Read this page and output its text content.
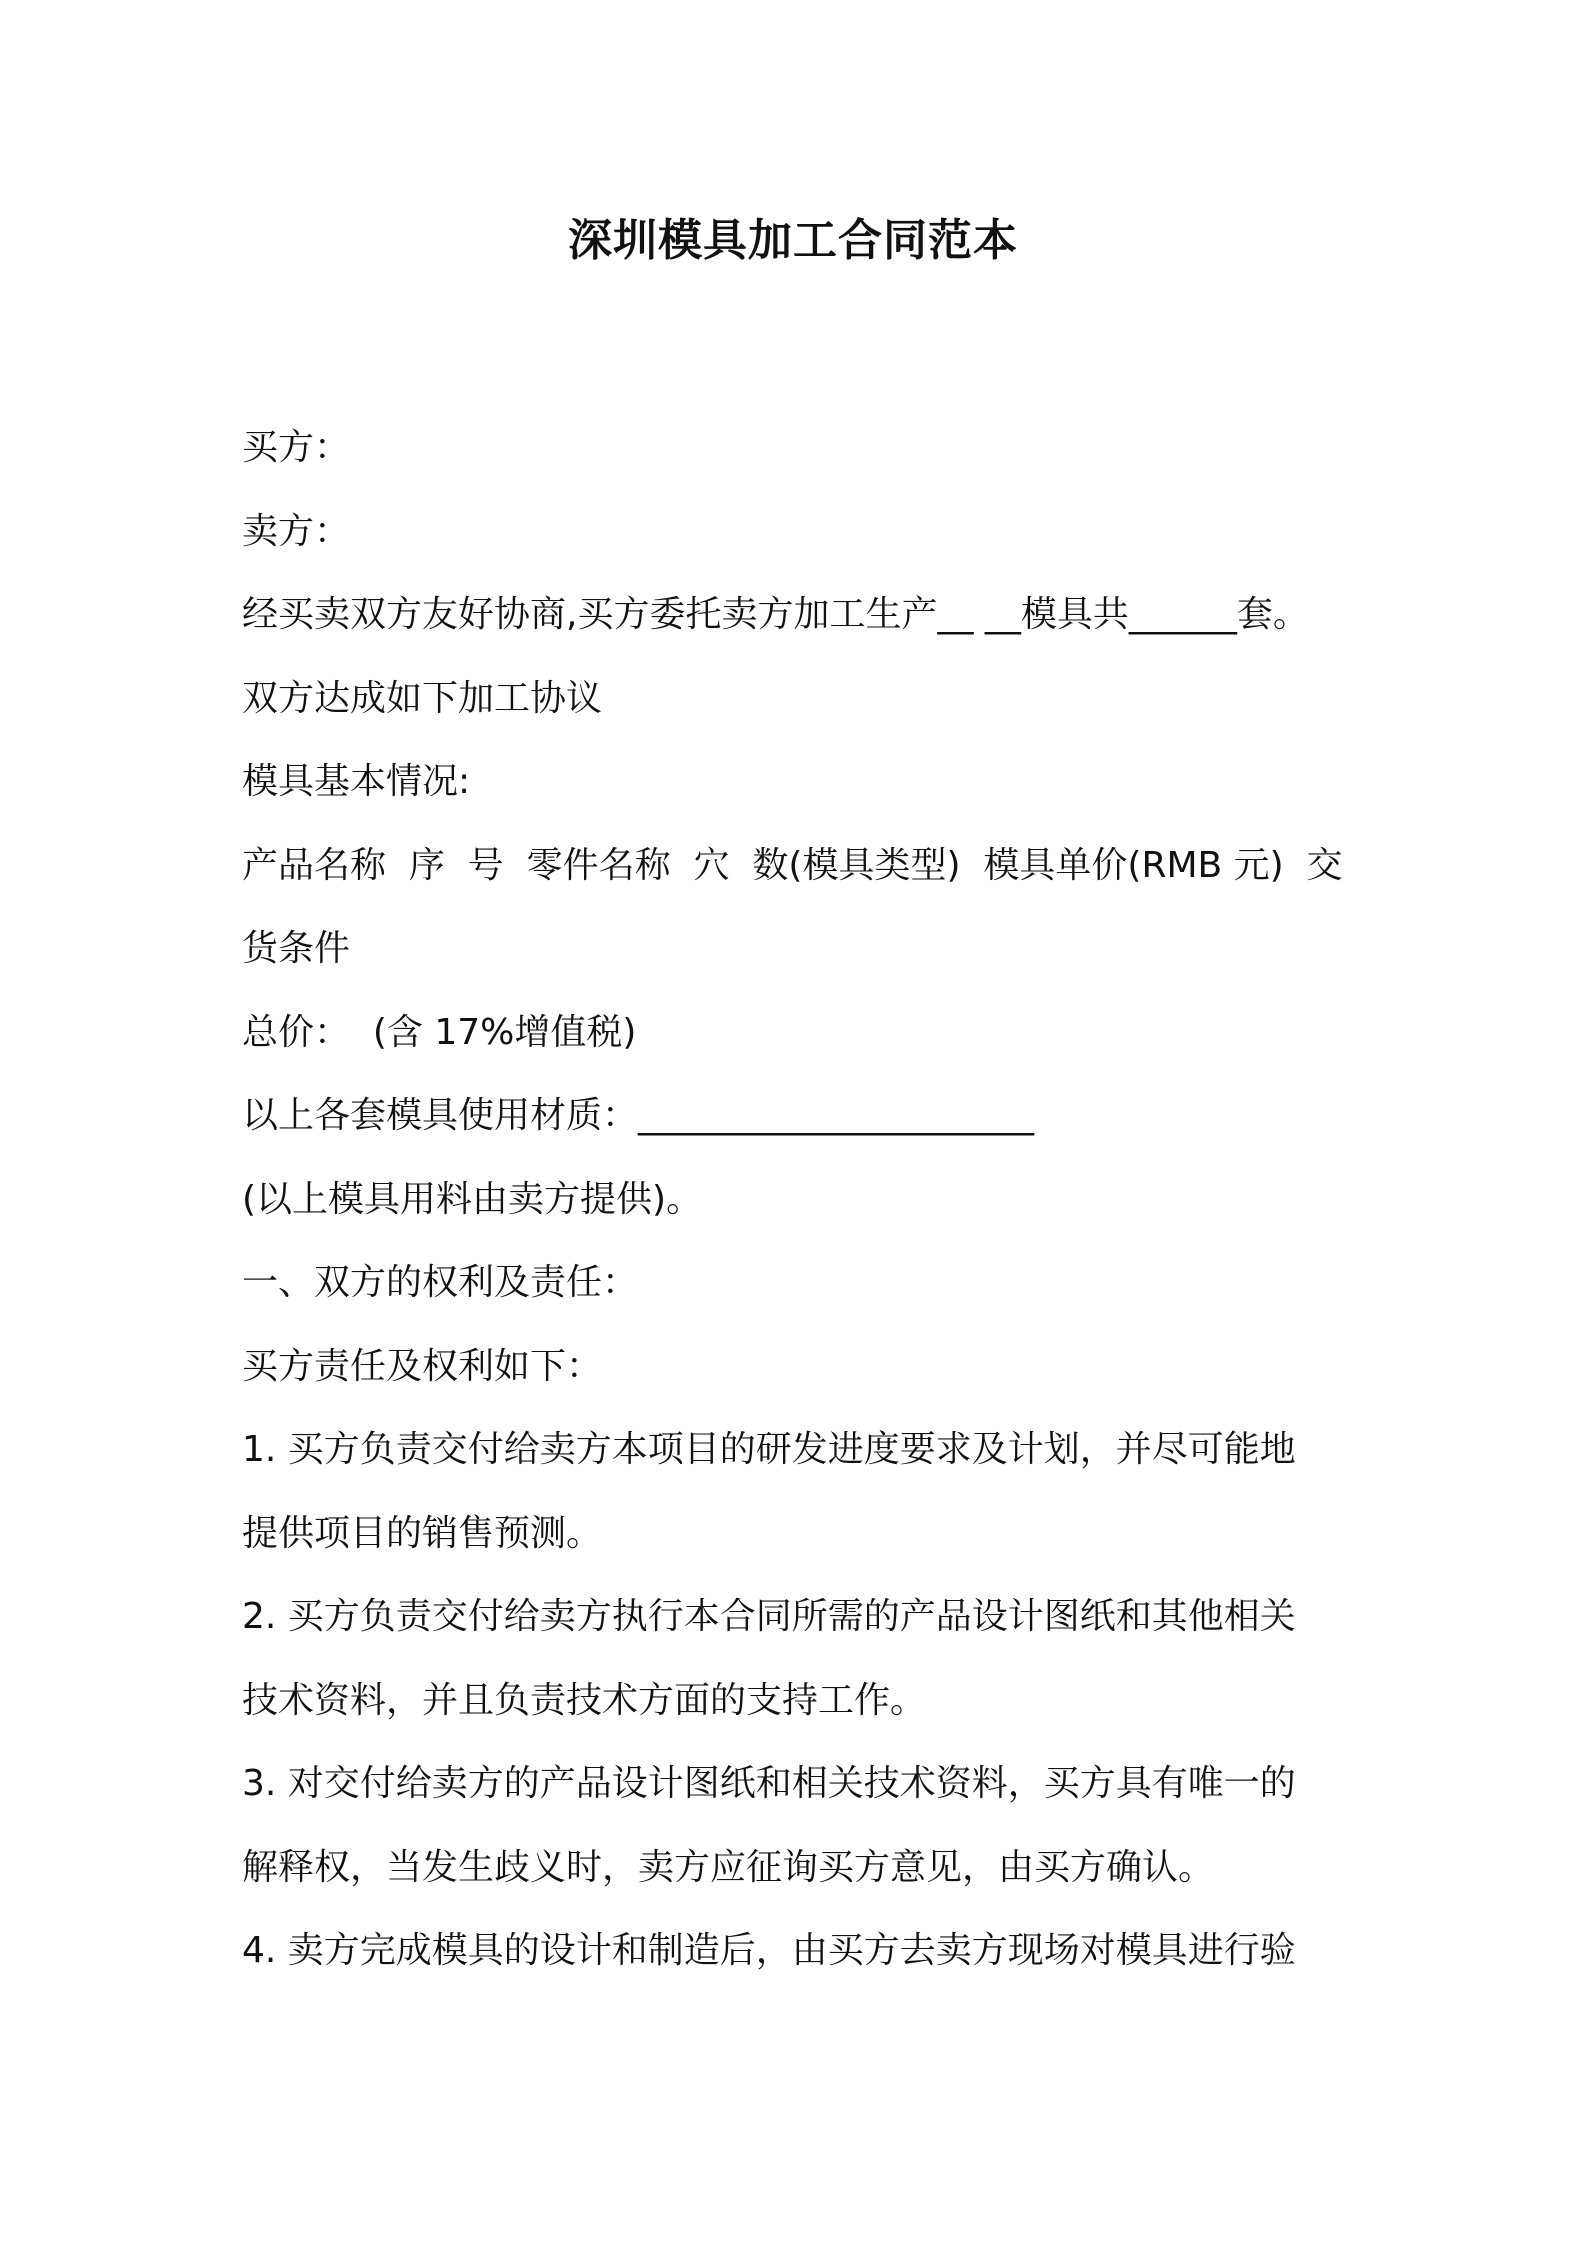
深圳模具加工合同范本

买方：

卖方：

经买卖双方友好协商,买方委托卖方加工生产__ __模具共______套。

双方达成如下加工协议

模具基本情况:

产品名称  序  号  零件名称  穴  数(模具类型)  模具单价(RMB 元)  交

货条件

总价：  (含 17%增值税)

以上各套模具使用材质：______________________

(以上模具用料由卖方提供)。

一、双方的权利及责任：

买方责任及权利如下：

1. 买方负责交付给卖方本项目的研发进度要求及计划，并尽可能地

提供项目的销售预测。

2. 买方负责交付给卖方执行本合同所需的产品设计图纸和其他相关

技术资料，并且负责技术方面的支持工作。

3. 对交付给卖方的产品设计图纸和相关技术资料，买方具有唯一的

解释权，当发生歧义时，卖方应征询买方意见，由买方确认。

4. 卖方完成模具的设计和制造后，由买方去卖方现场对模具进行验
